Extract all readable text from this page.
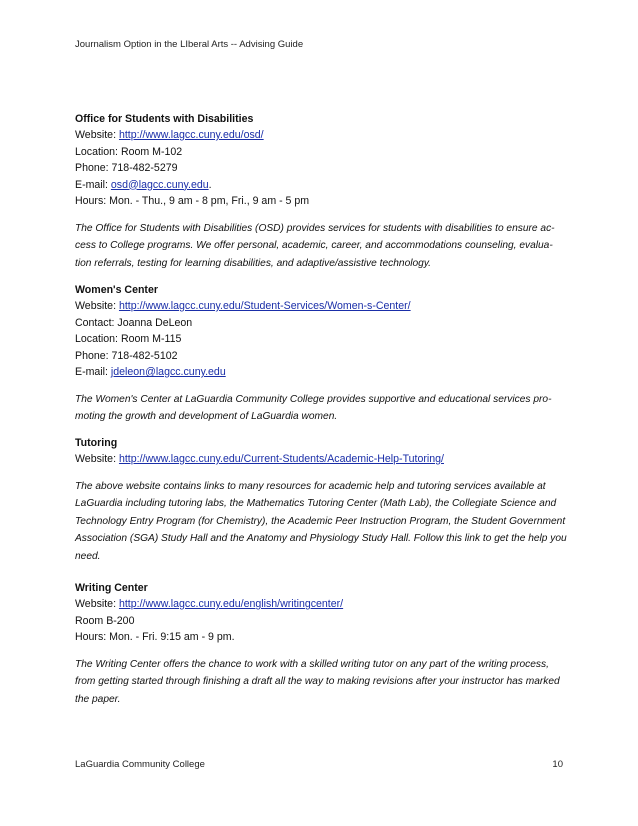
Journalism Option in the LIberal Arts -- Advising Guide
Office for Students with Disabilities
Website: http://www.lagcc.cuny.edu/osd/
Location: Room M-102
Phone: 718-482-5279
E-mail: osd@lagcc.cuny.edu.
Hours: Mon. - Thu., 9 am - 8 pm, Fri., 9 am - 5 pm
The Office for Students with Disabilities (OSD) provides services for students with disabilities to ensure ac-
cess to College programs. We offer personal, academic, career, and accommodations counseling, evalua-
tion referrals, testing for learning disabilities, and adaptive/assistive technology.
Women's Center
Website: http://www.lagcc.cuny.edu/Student-Services/Women-s-Center/
Contact: Joanna DeLeon
Location: Room M-115
Phone: 718-482-5102
E-mail: jdeleon@lagcc.cuny.edu
The Women's Center at LaGuardia Community College provides supportive and educational services pro-
moting the growth and development of LaGuardia women.
Tutoring
Website: http://www.lagcc.cuny.edu/Current-Students/Academic-Help-Tutoring/
The above website contains links to many resources for academic help and tutoring services available at
LaGuardia including tutoring labs, the Mathematics Tutoring Center (Math Lab), the Collegiate Science and
Technology Entry Program (for Chemistry), the Academic Peer Instruction Program, the Student Government
Association (SGA) Study Hall and the Anatomy and Physiology Study Hall. Follow this link to get the help you
need.
Writing Center
Website: http://www.lagcc.cuny.edu/english/writingcenter/
Room B-200
Hours: Mon. - Fri. 9:15 am - 9 pm.
The Writing Center offers the chance to work with a skilled writing tutor on any part of the writing process,
from getting started through finishing a draft all the way to making revisions after your instructor has marked
the paper.
LaGuardia Community College	10
